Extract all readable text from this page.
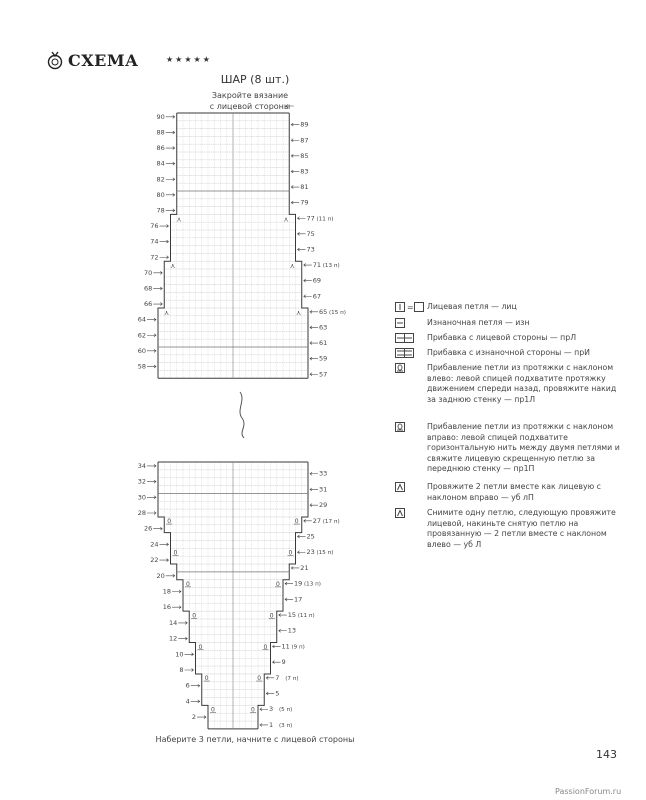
СХЕМА	★★★★★
ШАР (8 шт.)
Закройте вязание
с лицевой стороны
⋏	⋏
⋏	⋏
⋏	⋏
90
88
86
84
82
80
78
76
74
72
70
68
66
64
62
60
58
89
87
85
83
81
79
77 (11 п)
75
73
71 (13 п)
69
67
65 (15 п)
63
61
59
57
0	0
0	0
0	0
0	0
0	0
0	0
0	0
34
32
30
28
26
24
22
20
18
16
14
12
10
8
6
4
2
33
31
29
27 (17 п)
25
23 (15 п)
21
19 (13 п)
17
15 (11 п)
13
11 (9 п)
9
7 (7 п)
5
3 (5 п)
1 (3 п)
Наберите 3 петли, начните с лицевой стороны
= Лицевая петля — лиц
Изнаночная петля — изн
Прибавка с лицевой стороны — прЛ
Прибавка с изнаночной стороны — прИ
Прибавление петли из протяжки с наклоном влево: левой спицей подхватите протяжку движением спереди назад, провяжите накид за заднюю стенку — пр1Л
Прибавление петли из протяжки с наклоном вправо: левой спицей подхватите горизонтальную нить между двумя петлями и свяжите лицевую скрещенную петлю за переднюю стенку — пр1П
Провяжите 2 петли вместе как лицевую с наклоном вправо — уб лП
Снимите одну петлю, следующую провяжите лицевой, накиньте снятую петлю на провязанную — 2 петли вместе с наклоном влево — уб Л
143
PassionForum.ru
